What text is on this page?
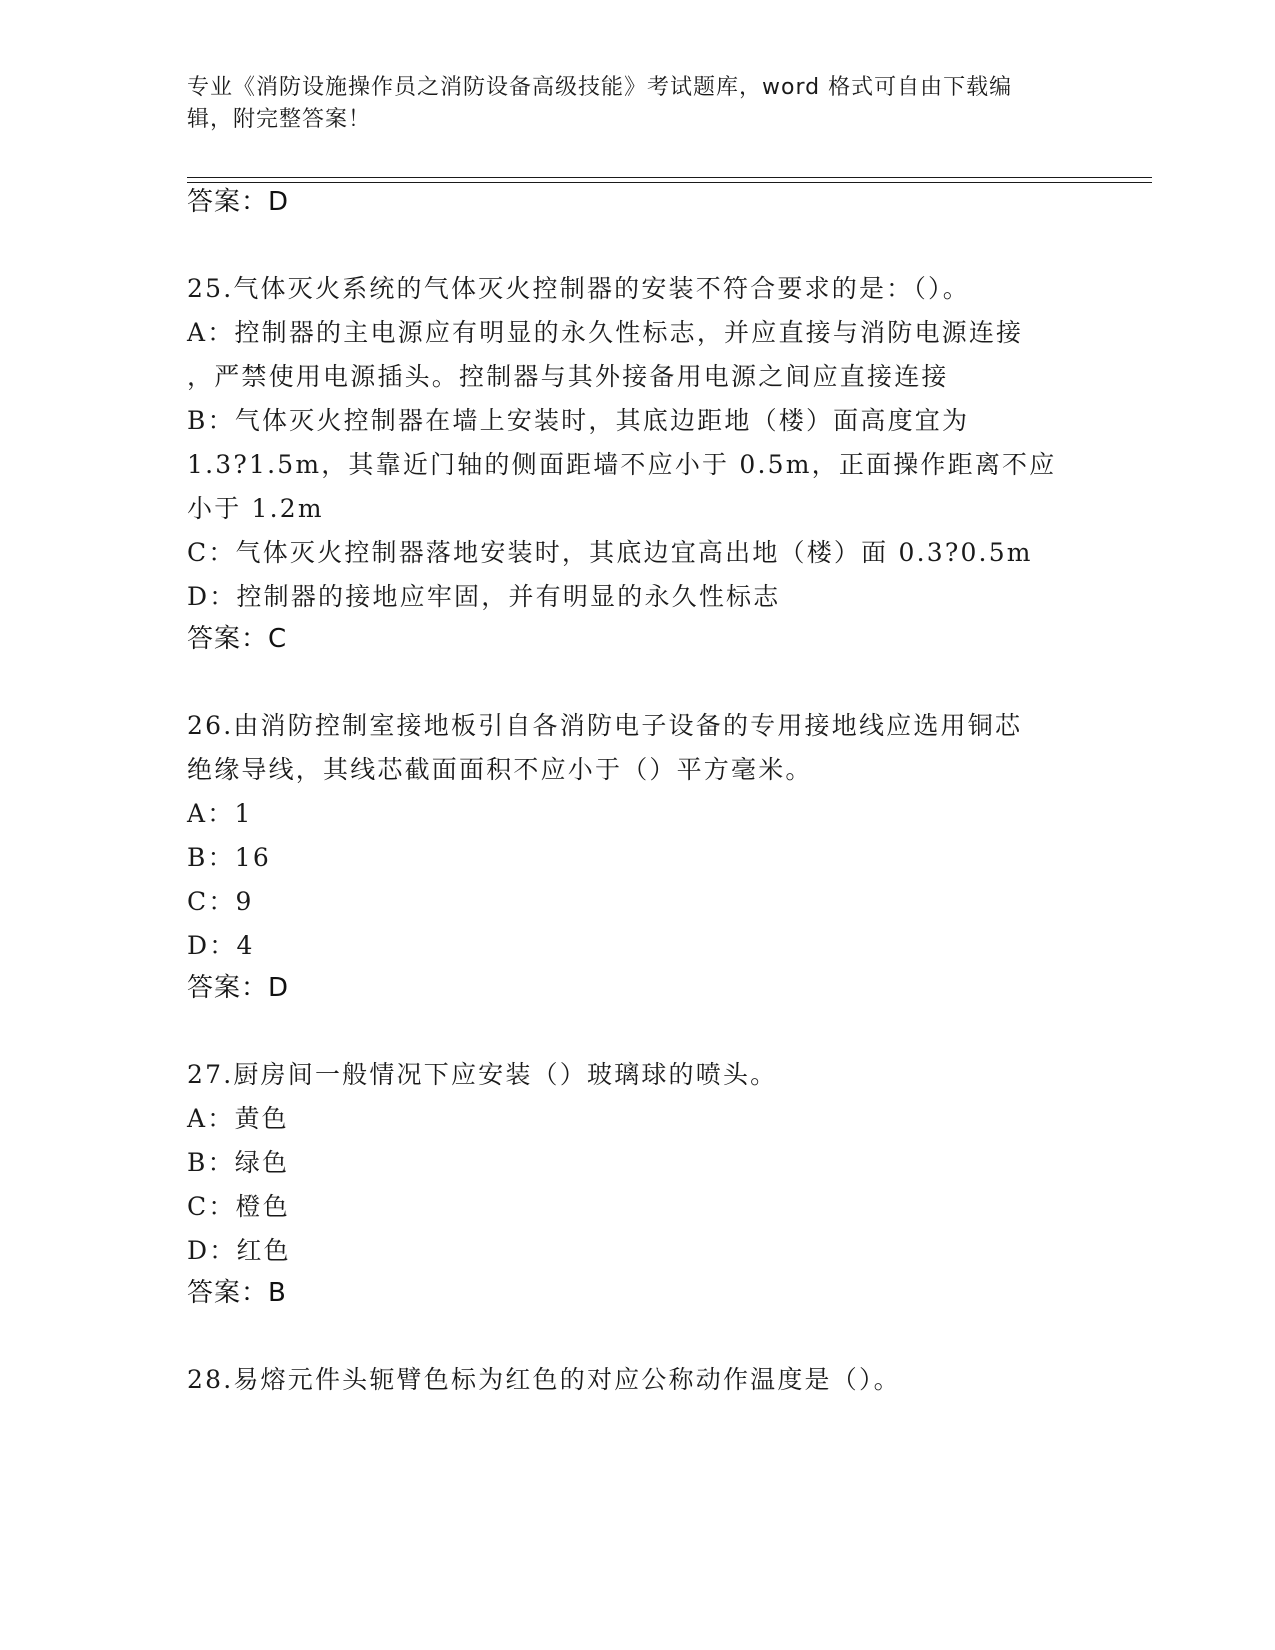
专业《消防设施操作员之消防设备高级技能》考试题库，word 格式可自由下载编
辑，附完整答案！
答案：D
25.气体灭火系统的气体灭火控制器的安装不符合要求的是：（）。
A：控制器的主电源应有明显的永久性标志，并应直接与消防电源连接
，严禁使用电源插头。控制器与其外接备用电源之间应直接连接
B：气体灭火控制器在墙上安装时，其底边距地（楼）面高度宜为
1.3?1.5m，其靠近门轴的侧面距墙不应小于 0.5m，正面操作距离不应
小于 1.2m
C：气体灭火控制器落地安装时，其底边宜高出地（楼）面 0.3?0.5m
D：控制器的接地应牢固，并有明显的永久性标志
答案：C
26.由消防控制室接地板引自各消防电子设备的专用接地线应选用铜芯
绝缘导线，其线芯截面面积不应小于（）平方毫米。
A：1
B：16
C：9
D：4
答案：D
27.厨房间一般情况下应安装（）玻璃球的喷头。
A：黄色
B：绿色
C：橙色
D：红色
答案：B
28.易熔元件头轭臂色标为红色的对应公称动作温度是（）。
